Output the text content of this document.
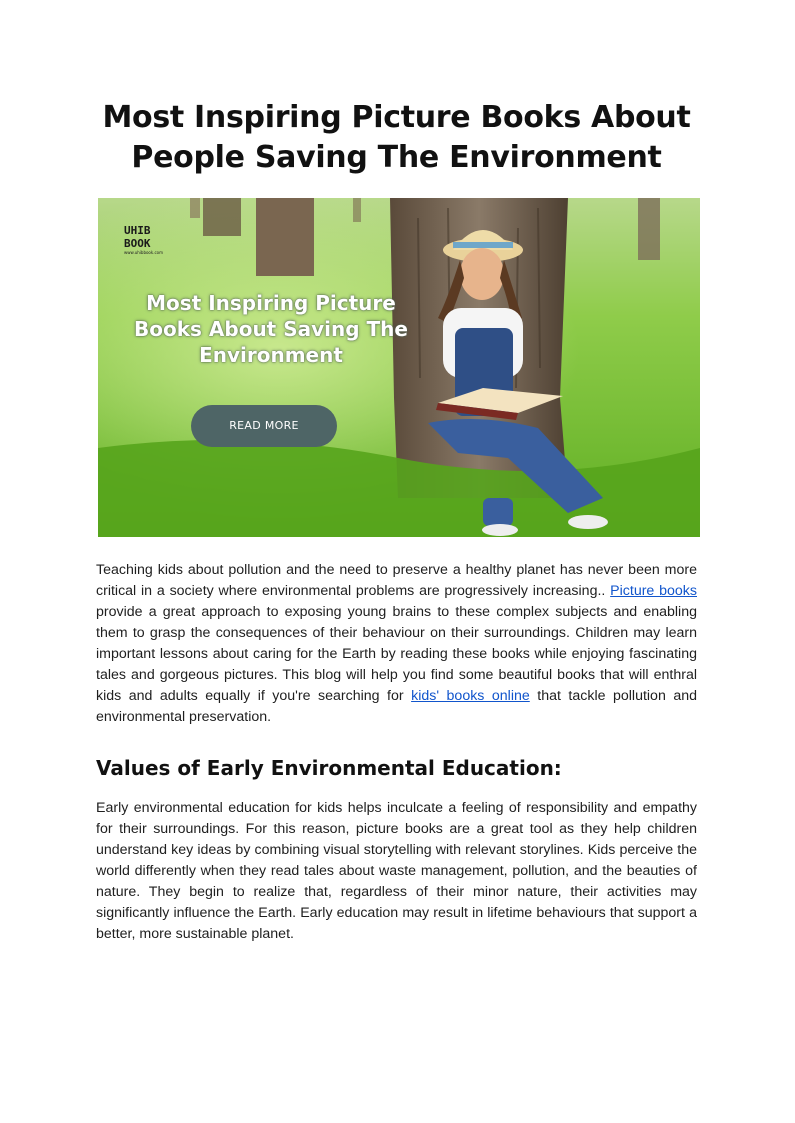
Most Inspiring Picture Books About People Saving The Environment
UHIB
BOOK
www.uhibbook.com
Most Inspiring Picture Books About Saving The Environment
READ MORE

Teaching kids about pollution and the need to preserve a healthy planet has never been more critical in a society where environmental problems are progressively increasing.. Picture books provide a great approach to exposing young brains to these complex subjects and enabling them to grasp the consequences of their behaviour on their surroundings. Children may learn important lessons about caring for the Earth by reading these books while enjoying fascinating tales and gorgeous pictures. This blog will help you find some beautiful books that will enthral kids and adults equally if you're searching for kids' books online that tackle pollution and environmental preservation.

Values of Early Environmental Education:

Early environmental education for kids helps inculcate a feeling of responsibility and empathy for their surroundings. For this reason, picture books are a great tool as they help children understand key ideas by combining visual storytelling with relevant storylines. Kids perceive the world differently when they read tales about waste management, pollution, and the beauties of nature. They begin to realize that, regardless of their minor nature, their activities may significantly influence the Earth. Early education may result in lifetime behaviours that support a better, more sustainable planet.
